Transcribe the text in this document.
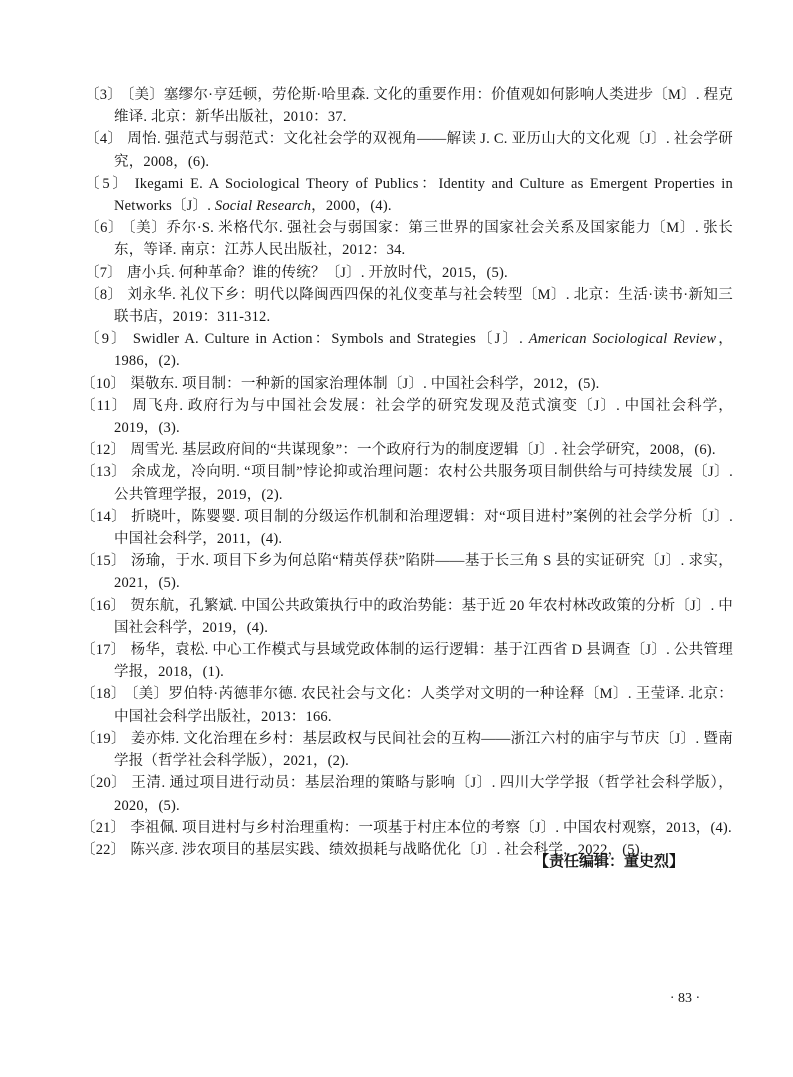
〔3〕 〔美〕塞缪尔·亨廷顿，劳伦斯·哈里森. 文化的重要作用：价值观如何影响人类进步〔M〕. 程克维译. 北京：新华出版社，2010：37.

〔4〕 周怡. 强范式与弱范式：文化社会学的双视角——解读 J. C. 亚历山大的文化观〔J〕. 社会学研究，2008，(6).

〔5〕 Ikegami E. A Sociological Theory of Publics：Identity and Culture as Emergent Properties in Networks〔J〕. Social Research，2000，(4).

〔6〕 〔美〕乔尔·S. 米格代尔. 强社会与弱国家：第三世界的国家社会关系及国家能力〔M〕. 张长东，等译. 南京：江苏人民出版社，2012：34.

〔7〕 唐小兵. 何种革命？谁的传统？〔J〕. 开放时代，2015，(5).

〔8〕 刘永华. 礼仪下乡：明代以降闽西四保的礼仪变革与社会转型〔M〕. 北京：生活·读书·新知三联书店，2019：311-312.

〔9〕 Swidler A. Culture in Action：Symbols and Strategies〔J〕. American Sociological Review，1986，(2).

〔10〕 渠敬东. 项目制：一种新的国家治理体制〔J〕. 中国社会科学，2012，(5).

〔11〕 周飞舟. 政府行为与中国社会发展：社会学的研究发现及范式演变〔J〕. 中国社会科学，2019，(3).

〔12〕 周雪光. 基层政府间的“共谋现象”：一个政府行为的制度逻辑〔J〕. 社会学研究，2008，(6).

〔13〕 余成龙，冷向明. “项目制”悖论抑或治理问题：农村公共服务项目制供给与可持续发展〔J〕. 公共管理学报，2019，(2).

〔14〕 折晓叶，陈婴婴. 项目制的分级运作机制和治理逻辑：对“项目进村”案例的社会学分析〔J〕. 中国社会科学，2011，(4).

〔15〕 汤瑜，于水. 项目下乡为何总陷“精英俘获”陷阱——基于长三角 S 县的实证研究〔J〕. 求实，2021，(5).

〔16〕 贺东航，孔繁斌. 中国公共政策执行中的政治势能：基于近 20 年农村林改政策的分析〔J〕. 中国社会科学，2019，(4).

〔17〕 杨华，袁松. 中心工作模式与县域党政体制的运行逻辑：基于江西省 D 县调查〔J〕. 公共管理学报，2018，(1).

〔18〕 〔美〕罗伯特·芮德菲尔德. 农民社会与文化：人类学对文明的一种诠释〔M〕. 王莹译. 北京：中国社会科学出版社，2013：166.

〔19〕 姜亦炜. 文化治理在乡村：基层政权与民间社会的互构——浙江六村的庙宇与节庆〔J〕. 暨南学报（哲学社会科学版），2021，(2).

〔20〕 王清. 通过项目进行动员：基层治理的策略与影响〔J〕. 四川大学学报（哲学社会科学版），2020，(5).

〔21〕 李祖佩. 项目进村与乡村治理重构：一项基于村庄本位的考察〔J〕. 中国农村观察，2013，(4).

〔22〕 陈兴彦. 涉农项目的基层实践、绩效损耗与战略优化〔J〕. 社会科学，2022，(5).

【责任编辑：董史烈】
· 83 ·
